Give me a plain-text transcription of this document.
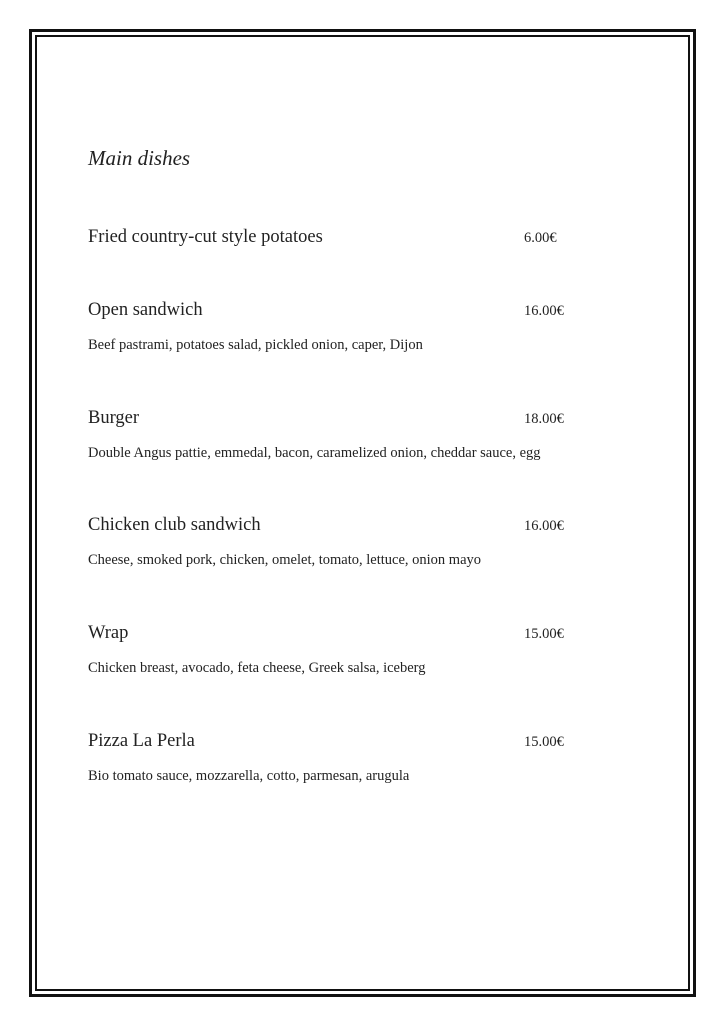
Main dishes
Fried country-cut style potatoes	6.00€
Open sandwich	16.00€
Beef pastrami, potatoes salad, pickled onion, caper, Dijon
Burger	18.00€
Double Angus pattie, emmedal, bacon, caramelized onion, cheddar sauce, egg
Chicken club sandwich	16.00€
Cheese, smoked pork, chicken, omelet, tomato, lettuce, onion mayo
Wrap	15.00€
Chicken breast, avocado, feta cheese, Greek salsa, iceberg
Pizza La Perla	15.00€
Bio tomato sauce, mozzarella, cotto, parmesan, arugula
